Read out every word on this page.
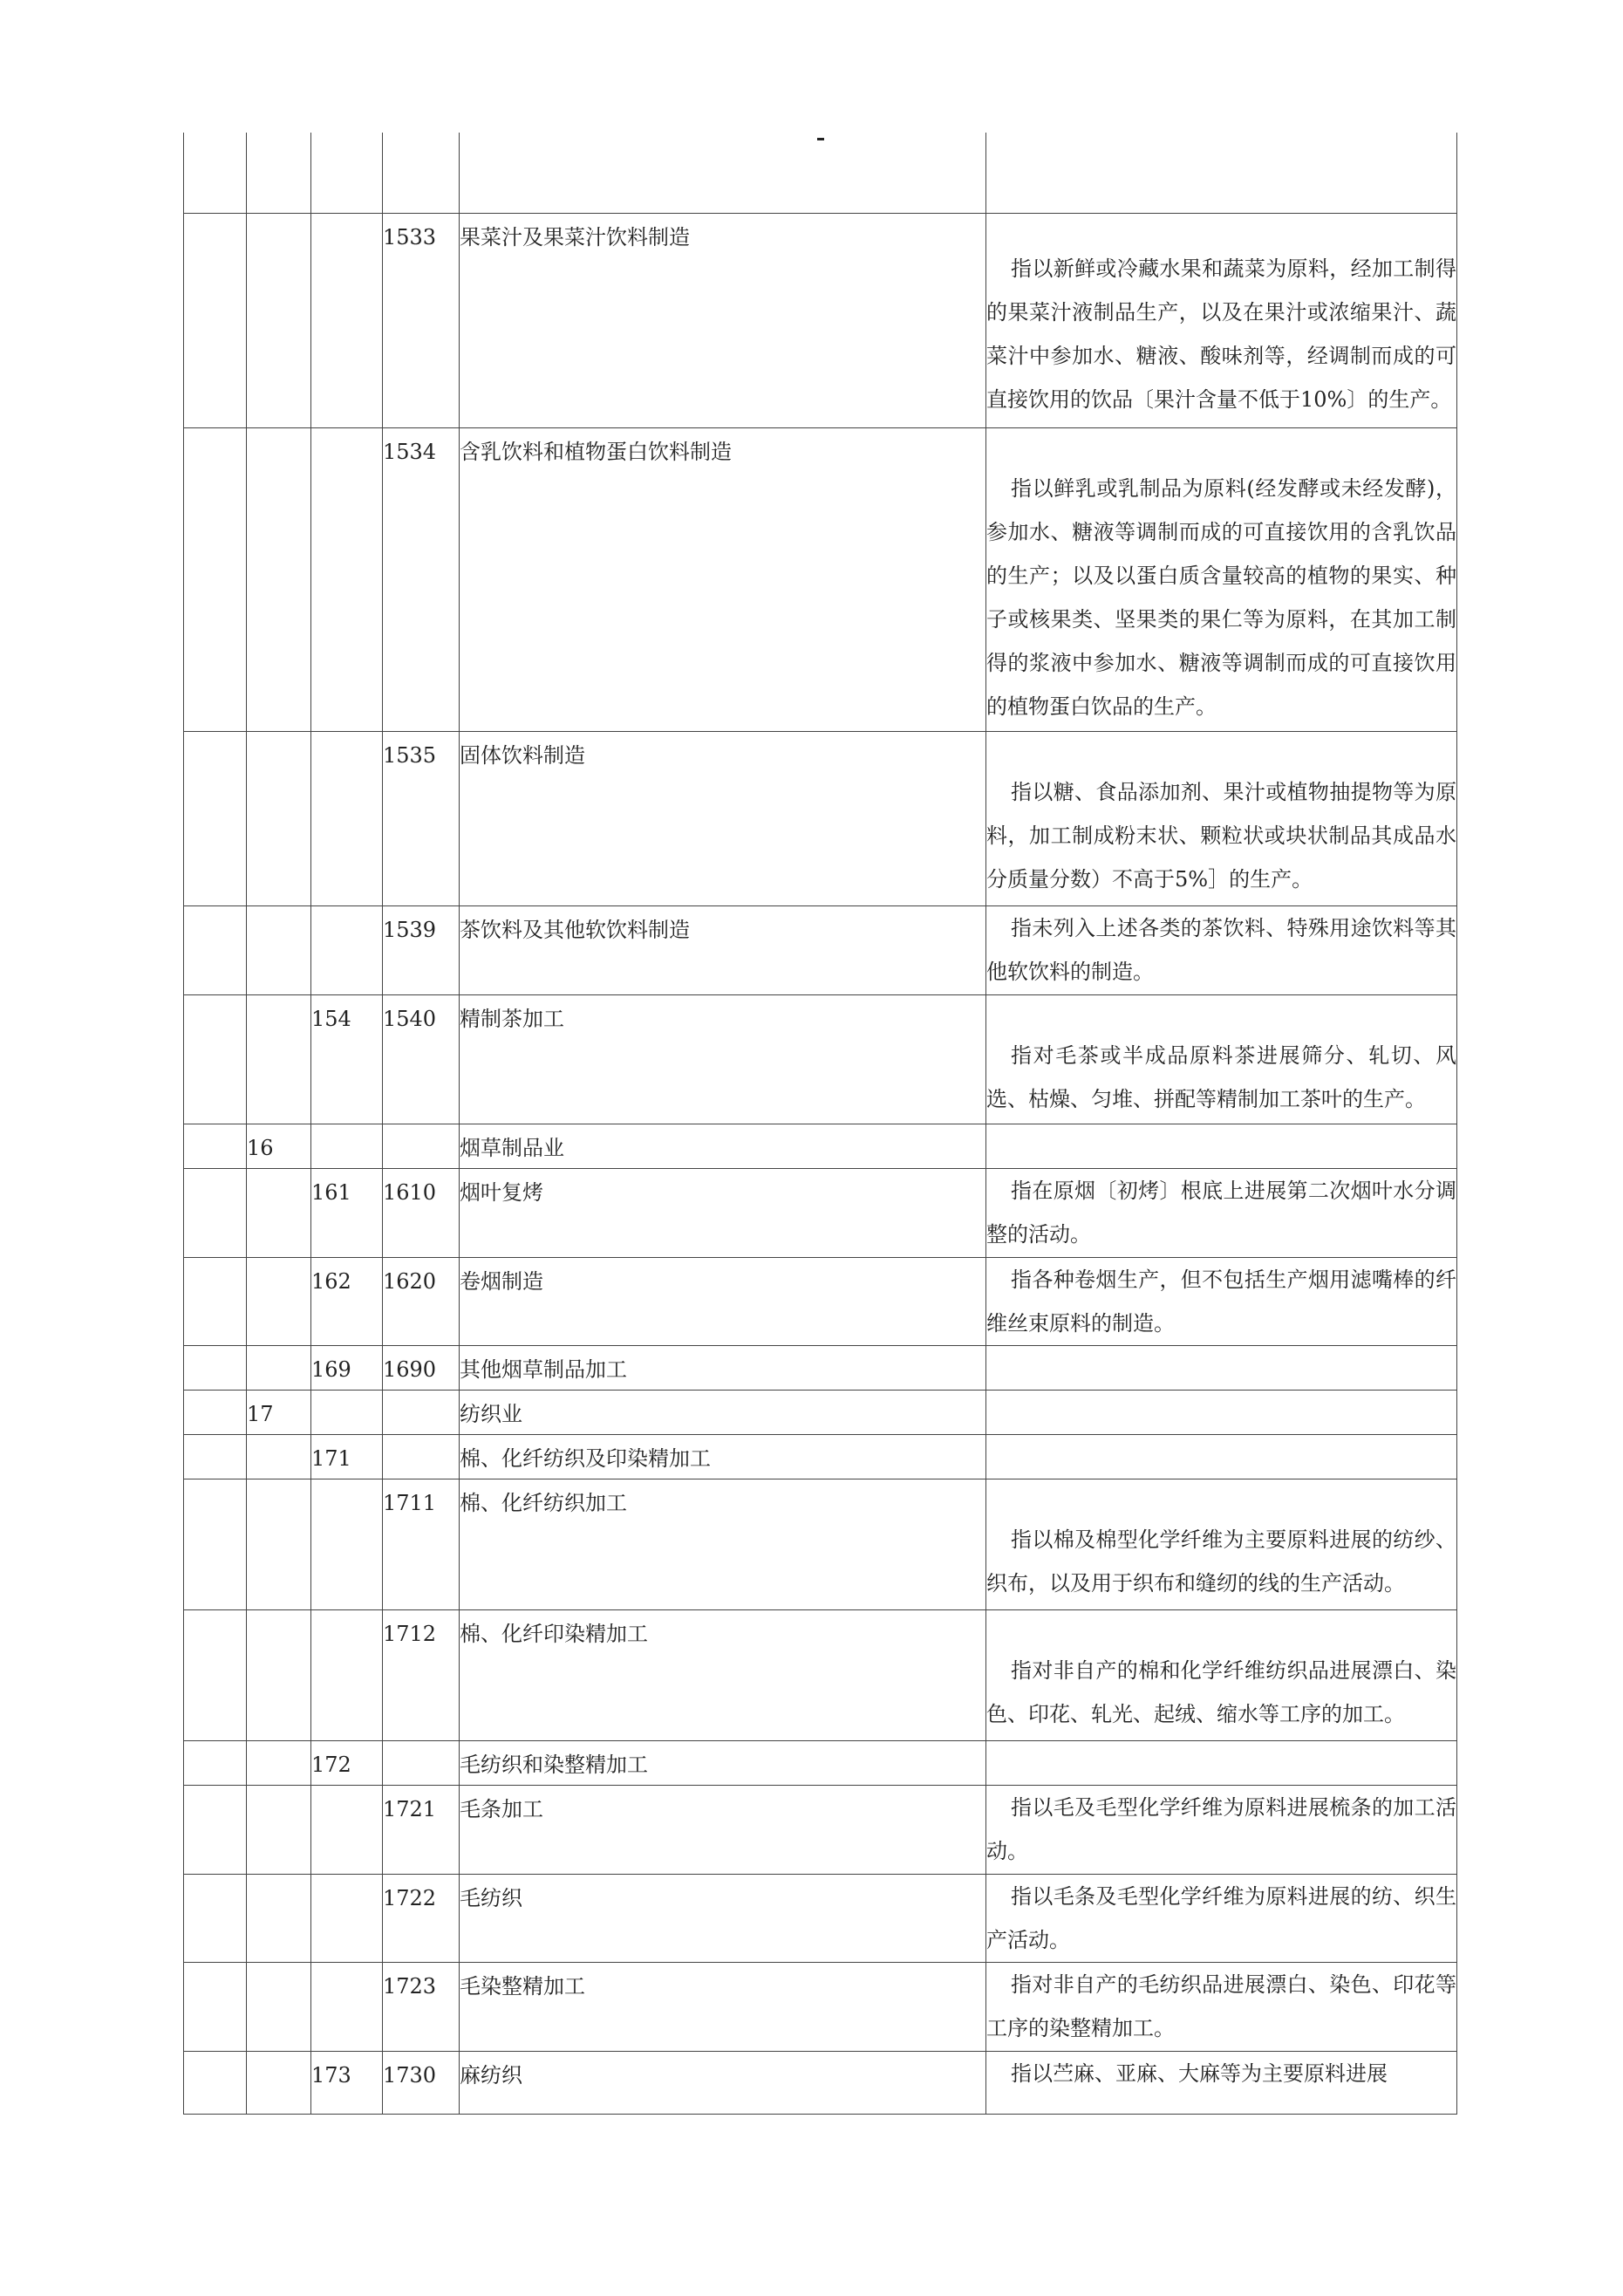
			1533	果菜汁及果菜汁饮料制造	指以新鲜或冷藏水果和蔬菜为原料，经加工制得的果菜汁液制品生产，以及在果汁或浓缩果汁、蔬菜汁中参加水、糖液、酸味剂等，经调制而成的可直接饮用的饮品〔果汁含量不低于10%〕的生产。
			1534	含乳饮料和植物蛋白饮料制造	指以鲜乳或乳制品为原料(经发酵或未经发酵)，参加水、糖液等调制而成的可直接饮用的含乳饮品的生产；以及以蛋白质含量较高的植物的果实、种子或核果类、坚果类的果仁等为原料，在其加工制得的浆液中参加水、糖液等调制而成的可直接饮用的植物蛋白饮品的生产。
			1535	固体饮料制造	指以糖、食品添加剂、果汁或植物抽提物等为原料，加工制成粉末状、颗粒状或块状制品其成品水分质量分数）不高于5%］的生产。
			1539	茶饮料及其他软饮料制造	指未列入上述各类的茶饮料、特殊用途饮料等其他软饮料的制造。
		154	1540	精制茶加工	指对毛茶或半成品原料茶进展筛分、轧切、风选、枯燥、匀堆、拼配等精制加工茶叶的生产。
	16			烟草制品业	
		161	1610	烟叶复烤	指在原烟〔初烤〕根底上进展第二次烟叶水分调整的活动。
		162	1620	卷烟制造	指各种卷烟生产，但不包括生产烟用滤嘴棒的纤维丝束原料的制造。
		169	1690	其他烟草制品加工	
	17			纺织业	
		171		棉、化纤纺织及印染精加工	
			1711	棉、化纤纺织加工	指以棉及棉型化学纤维为主要原料进展的纺纱、织布，以及用于织布和缝纫的线的生产活动。
			1712	棉、化纤印染精加工	指对非自产的棉和化学纤维纺织品进展漂白、染色、印花、轧光、起绒、缩水等工序的加工。
		172		毛纺织和染整精加工	
			1721	毛条加工	指以毛及毛型化学纤维为原料进展梳条的加工活动。
			1722	毛纺织	指以毛条及毛型化学纤维为原料进展的纺、织生产活动。
			1723	毛染整精加工	指对非自产的毛纺织品进展漂白、染色、印花等工序的染整精加工。
		173	1730	麻纺织	指以苎麻、亚麻、大麻等为主要原料进展
